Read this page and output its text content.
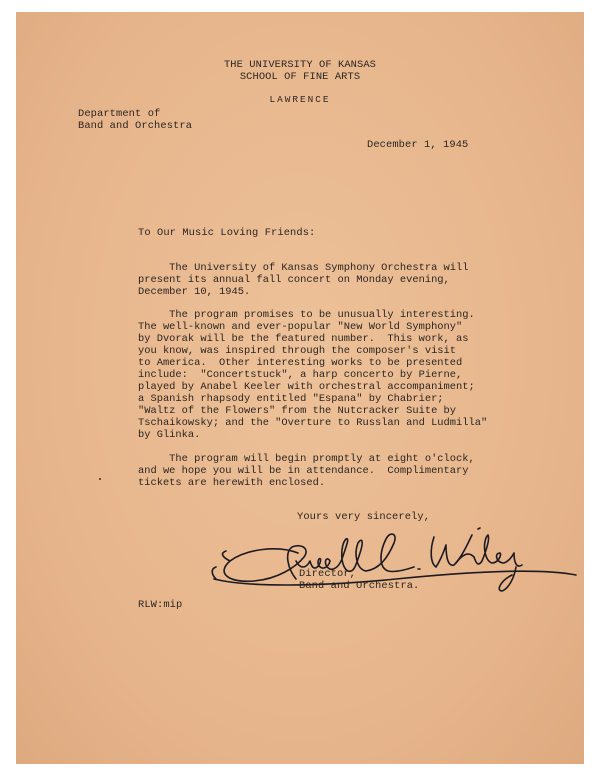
THE UNIVERSITY OF KANSAS
SCHOOL OF FINE ARTS
LAWRENCE
Department of
Band and Orchestra
December 1, 1945
To Our Music Loving Friends:
The University of Kansas Symphony Orchestra will
present its annual fall concert on Monday evening,
December 10, 1945.
The program promises to be unusually interesting.
The well-known and ever-popular "New World Symphony"
by Dvorak will be the featured number.  This work, as
you know, was inspired through the composer's visit
to America.  Other interesting works to be presented
include:  "Concertstuck", a harp concerto by Pierne,
played by Anabel Keeler with orchestral accompaniment;
a Spanish rhapsody entitled "Espana" by Chabrier;
"Waltz of the Flowers" from the Nutcracker Suite by
Tschaikowsky; and the "Overture to Russlan and Ludmilla"
by Glinka.
The program will begin promptly at eight o'clock,
and we hope you will be in attendance.  Complimentary
tickets are herewith enclosed.
Yours very sincerely,
Director,
Band and Orchestra.
RLW:mip
